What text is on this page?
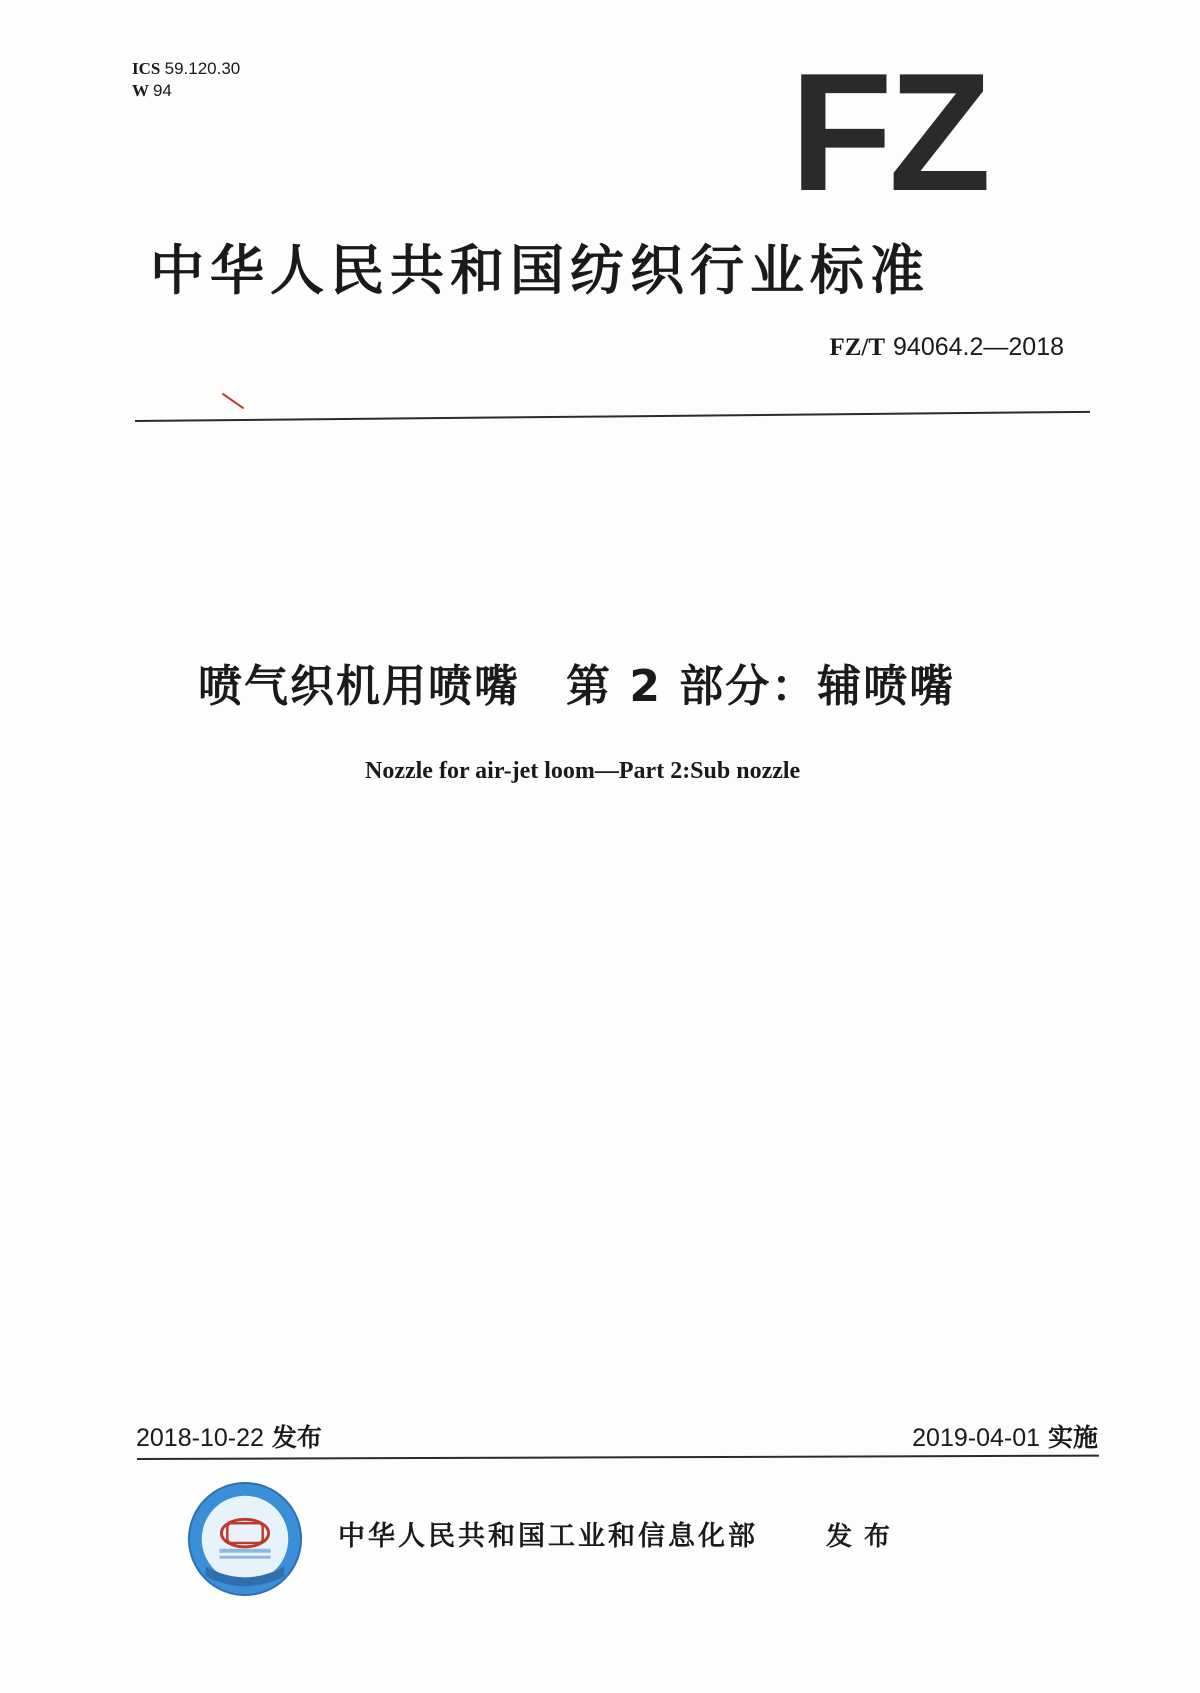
ICS 59.120.30
W 94	FZ
中华人民共和国纺织行业标准
FZ/T 94064.2—2018
喷气织机用喷嘴　第 2 部分：辅喷嘴
Nozzle for air-jet loom—Part 2:Sub nozzle
2018-10-22 发布	2019-04-01 实施
中华人民共和国工业和信息化部	发布
